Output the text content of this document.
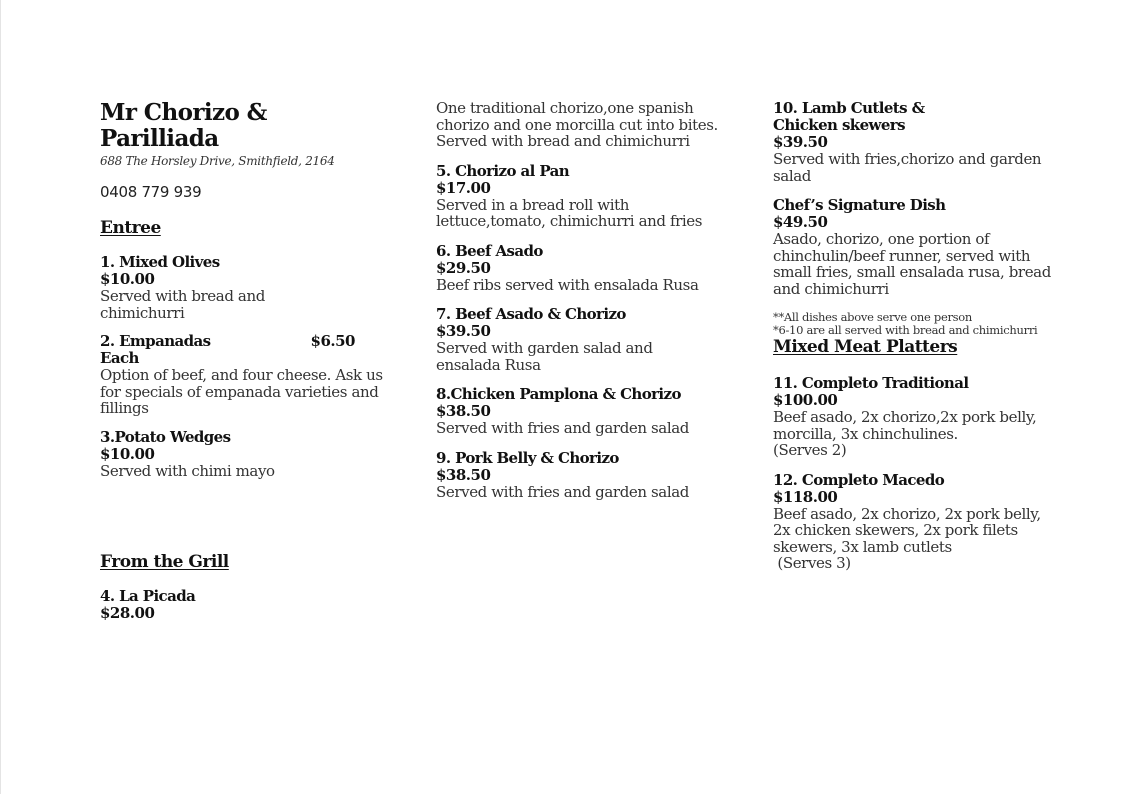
Mr Chorizo &
Parilliada
688 The Horsley Drive, Smithfield, 2164
0408 779 939
Entree
1. Mixed Olives
$10.00
Served with bread and chimichurri
2. Empanadas	$6.50
Each
Option of beef, and four cheese. Ask us for specials of empanada varieties and fillings
3.Potato Wedges
$10.00
Served with chimi mayo
From the Grill
4. La Picada
$28.00
One traditional chorizo,one spanish chorizo and one morcilla cut into bites. Served with bread and chimichurri
5. Chorizo al Pan
$17.00
Served in a bread roll with lettuce,tomato, chimichurri and fries
6. Beef Asado
$29.50
Beef ribs served with ensalada Rusa
7. Beef Asado & Chorizo
$39.50
Served with garden salad and ensalada Rusa
8.Chicken Pamplona & Chorizo
$38.50
Served with fries and garden salad
9. Pork Belly & Chorizo
$38.50
Served with fries and garden salad
10. Lamb Cutlets &
Chicken skewers
$39.50
Served with fries,chorizo and garden salad
Chef’s Signature Dish
$49.50
Asado, chorizo, one portion of chinchulin/beef runner, served with small fries, small ensalada rusa, bread and chimichurri
**All dishes above serve one person
*6-10 are all served with bread and chimichurri
Mixed Meat Platters
11. Completo Traditional
$100.00
Beef asado, 2x chorizo,2x pork belly, morcilla, 3x chinchulines.
(Serves 2)
12. Completo Macedo
$118.00
Beef asado, 2x chorizo, 2x pork belly, 2x chicken skewers, 2x pork filets skewers, 3x lamb cutlets
(Serves 3)
